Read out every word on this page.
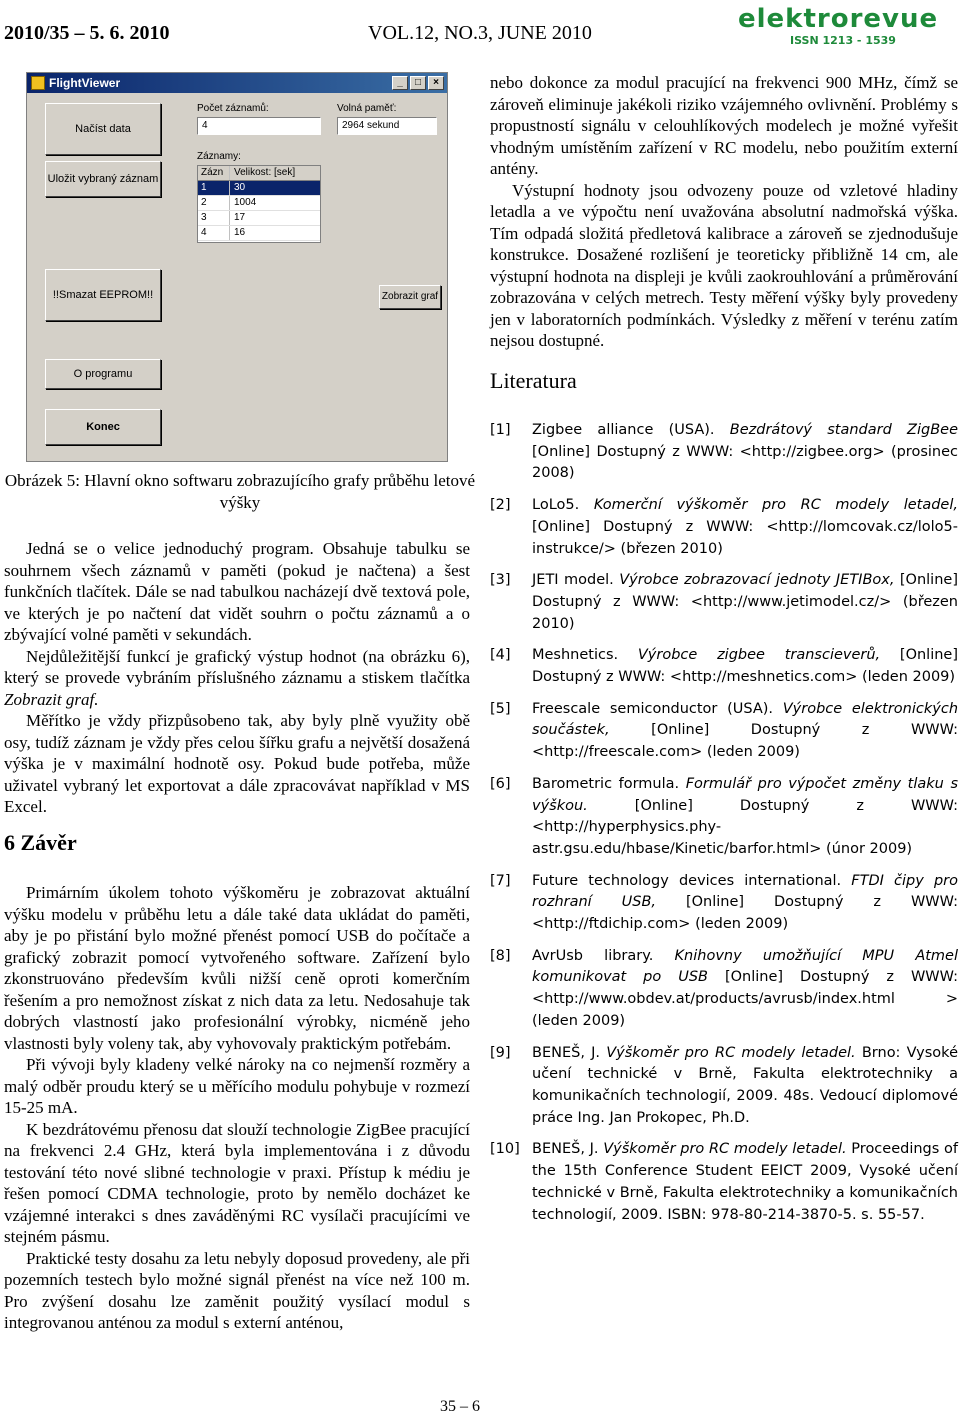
2010/35 – 5. 6. 2010	VOL.12, NO.3, JUNE 2010	elektrorevue
ISSN 1213 - 1539
FlightViewer	_	□	×
Načíst data
Uložit vybraný záznam
!!Smazat EEPROM!!
O programu
Konec
Zobrazit graf
Počet záznamů:	Volná paměť:
4	2964 sekund
Záznamy:
Zázn	Velikost: [sek]
1	30
2	1004
3	17
4	16
Obrázek 5: Hlavní okno softwaru zobrazujícího grafy průběhu letové výšky

Jedná se o velice jednoduchý program. Obsahuje tabulku se souhrnem všech záznamů v paměti (pokud je načtena) a šest funkčních tlačítek. Dále se nad tabulkou nacházejí dvě textová pole, ve kterých je po načtení dat vidět souhrn o počtu záznamů a o zbývající volné paměti v sekundách.

Nejdůležitější funkcí je grafický výstup hodnot (na obrázku 6), který se provede vybráním příslušného záznamu a stiskem tlačítka Zobrazit graf.

Měřítko je vždy přizpůsobeno tak, aby byly plně využity obě osy, tudíž záznam je vždy přes celou šířku grafu a největší dosažená výška je v maximální hodnotě osy. Pokud bude potřeba, může uživatel vybraný let exportovat a dále zpracovávat například v MS Excel.

6 Závěr

Primárním úkolem tohoto výškoměru je zobrazovat aktuální výšku modelu v průběhu letu a dále také data ukládat do paměti, aby je po přistání bylo možné přenést pomocí USB do počítače a grafický zobrazit pomocí vytvořeného software. Zařízení bylo zkonstruováno především kvůli nižší ceně oproti komerčním řešením a pro nemožnost získat z nich data za letu. Nedosahuje tak dobrých vlastností jako profesionální výrobky, nicméně jeho vlastnosti byly voleny tak, aby vyhovovaly praktickým potřebám.

Při vývoji byly kladeny velké nároky na co nejmenší rozměry a malý odběr proudu který se u měřícího modulu pohybuje v rozmezí 15-25 mA.

K bezdrátovému přenosu dat slouží technologie ZigBee pracující na frekvenci 2.4 GHz, která byla implementována i z důvodu testování této nové slibné technologie v praxi. Přístup k médiu je řešen pomocí CDMA technologie, proto by nemělo docházet ke vzájemné interakci s dnes zaváděnými RC vysílači pracujícími ve stejném pásmu.

Praktické testy dosahu za letu nebyly doposud provedeny, ale při pozemních testech bylo možné signál přenést na více než 100 m. Pro zvýšení dosahu lze zaměnit použitý vysílací modul s integrovanou anténou za modul s externí anténou,

nebo dokonce za modul pracující na frekvenci 900 MHz, čímž se zároveň eliminuje jakékoli riziko vzájemného ovlivnění. Problémy s propustností signálu v celouhlíkových modelech je možné vyřešit vhodným umístěním zařízení v RC modelu, nebo použitím externí antény.

Výstupní hodnoty jsou odvozeny pouze od vzletové hladiny letadla a ve výpočtu není uvažována absolutní nadmořská výška. Tím odpadá složitá předletová kalibrace a zároveň se zjednodušuje konstrukce. Dosažené rozlišení je teoreticky přibližně 14 cm, ale výstupní hodnota na displeji je kvůli zaokrouhlování a průměrování zobrazována v celých metrech. Testy měření výšky byly provedeny jen v laboratorních podmínkách. Výsledky z měření v terénu zatím nejsou dostupné.

Literatura
[1]	Zigbee alliance (USA). Bezdrátový standard ZigBee [Online] Dostupný z WWW: <http://zigbee.org> (prosinec 2008)
[2]	LoLo5. Komerční výškoměr pro RC modely letadel, [Online] Dostupný z WWW: <http://lomcovak.cz/lolo5-instrukce/> (březen 2010)
[3]	JETI model. Výrobce zobrazovací jednoty JETIBox, [Online] Dostupný z WWW: <http://www.jetimodel.cz/> (březen 2010)
[4]	Meshnetics. Výrobce zigbee transcieverů, [Online] Dostupný z WWW: <http://meshnetics.com> (leden 2009)
[5]	Freescale semiconductor (USA). Výrobce elektronických součástek, [Online] Dostupný z WWW: <http://freescale.com> (leden 2009)
[6]	Barometric formula. Formulář pro výpočet změny tlaku s výškou. [Online] Dostupný z WWW: <http://hyperphysics.phy-astr.gsu.edu/hbase/Kinetic/barfor.html> (únor 2009)
[7]	Future technology devices international. FTDI čipy pro rozhraní USB, [Online] Dostupný z WWW: <http://ftdichip.com> (leden 2009)
[8]	AvrUsb library. Knihovny umožňující MPU Atmel komunikovat po USB [Online] Dostupný z WWW: <http://www.obdev.at/products/avrusb/index.html > (leden 2009)
[9]	BENEŠ, J. Výškoměr pro RC modely letadel. Brno: Vysoké učení technické v Brně, Fakulta elektrotechniky a komunikačních technologií, 2009. 48s. Vedoucí diplomové práce Ing. Jan Prokopec, Ph.D.
[10] BENEŠ, J. Výškoměr pro RC modely letadel. Proceedings of the 15th Conference Student EEICT 2009, Vysoké učení technické v Brně, Fakulta elektrotechniky a komunikačních technologií, 2009. ISBN: 978-80-214-3870-5. s. 55-57.
35 – 6
